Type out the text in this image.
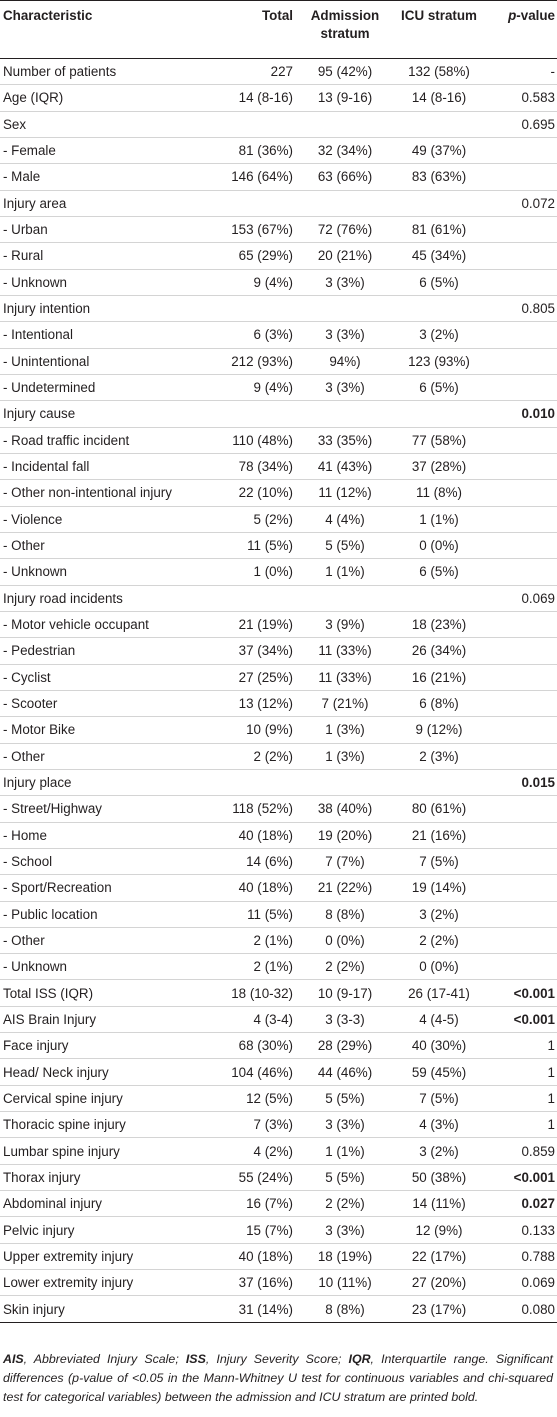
Characteristic	Total	Admission stratum	ICU stratum	p-value
Number of patients	227	95 (42%)	132 (58%)	-
Age (IQR)	14 (8-16)	13 (9-16)	14 (8-16)	0.583
Sex				0.695
- Female	81 (36%)	32 (34%)	49 (37%)	
- Male	146 (64%)	63 (66%)	83 (63%)	
Injury area				0.072
- Urban	153 (67%)	72 (76%)	81 (61%)	
- Rural	65 (29%)	20 (21%)	45 (34%)	
- Unknown	9 (4%)	3 (3%)	6 (5%)	
Injury intention				0.805
- Intentional	6 (3%)	3 (3%)	3 (2%)	
- Unintentional	212 (93%)	94%)	123 (93%)	
- Undetermined	9 (4%)	3 (3%)	6 (5%)	
Injury cause				0.010
- Road traffic incident	110 (48%)	33 (35%)	77 (58%)	
- Incidental fall	78 (34%)	41 (43%)	37 (28%)	
- Other non-intentional injury	22 (10%)	11 (12%)	11 (8%)	
- Violence	5 (2%)	4 (4%)	1 (1%)	
- Other	11 (5%)	5 (5%)	0 (0%)	
- Unknown	1 (0%)	1 (1%)	6 (5%)	
Injury road incidents				0.069
- Motor vehicle occupant	21 (19%)	3 (9%)	18 (23%)	
- Pedestrian	37 (34%)	11 (33%)	26 (34%)	
- Cyclist	27 (25%)	11 (33%)	16 (21%)	
- Scooter	13 (12%)	7 (21%)	6 (8%)	
- Motor Bike	10 (9%)	1 (3%)	9 (12%)	
- Other	2 (2%)	1 (3%)	2 (3%)	
Injury place				0.015
- Street/Highway	118 (52%)	38 (40%)	80 (61%)	
- Home	40 (18%)	19 (20%)	21 (16%)	
- School	14 (6%)	7 (7%)	7 (5%)	
- Sport/Recreation	40 (18%)	21 (22%)	19 (14%)	
- Public location	11 (5%)	8 (8%)	3 (2%)	
- Other	2 (1%)	0 (0%)	2 (2%)	
- Unknown	2 (1%)	2 (2%)	0 (0%)	
Total ISS (IQR)	18 (10-32)	10 (9-17)	26 (17-41)	<0.001
AIS Brain Injury	4 (3-4)	3 (3-3)	4 (4-5)	<0.001
Face injury	68 (30%)	28 (29%)	40 (30%)	1
Head/ Neck injury	104 (46%)	44 (46%)	59 (45%)	1
Cervical spine injury	12 (5%)	5 (5%)	7 (5%)	1
Thoracic spine injury	7 (3%)	3 (3%)	4 (3%)	1
Lumbar spine injury	4 (2%)	1 (1%)	3 (2%)	0.859
Thorax injury	55 (24%)	5 (5%)	50 (38%)	<0.001
Abdominal injury	16 (7%)	2 (2%)	14 (11%)	0.027
Pelvic injury	15 (7%)	3 (3%)	12 (9%)	0.133
Upper extremity injury	40 (18%)	18 (19%)	22 (17%)	0.788
Lower extremity injury	37 (16%)	10 (11%)	27 (20%)	0.069
Skin injury	31 (14%)	8 (8%)	23 (17%)	0.080

AIS, Abbreviated Injury Scale; ISS, Injury Severity Score; IQR, Interquartile range. Significant differences (p-value of <0.05 in the Mann-Whitney U test for continuous variables and chi-squared test for categorical variables) between the admission and ICU stratum are printed bold.
